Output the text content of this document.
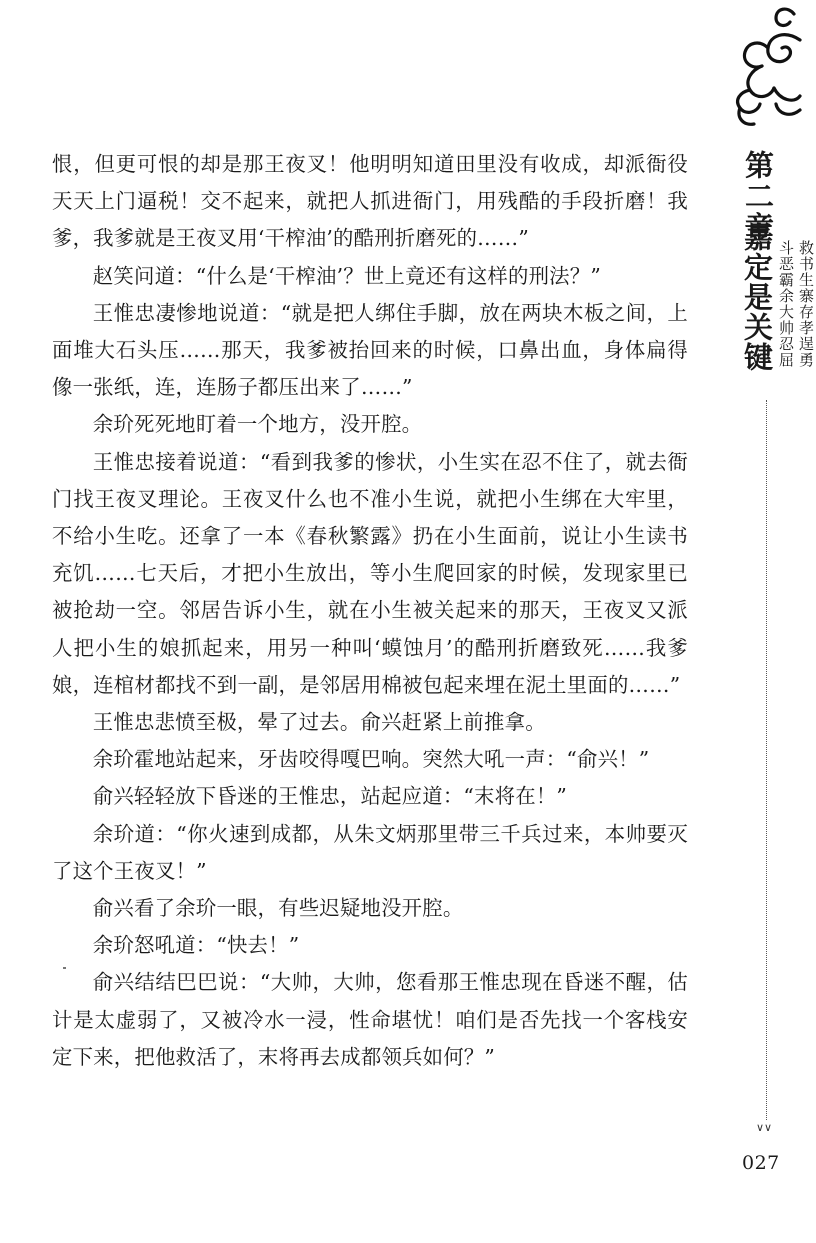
恨，但更可恨的却是那王夜叉！他明明知道田里没有收成，却派衙役天天上门逼税！交不起来，就把人抓进衙门，用残酷的手段折磨！我爹，我爹就是王夜叉用‘干榨油’的酷刑折磨死的……”

赵笑问道：“什么是‘干榨油’？世上竟还有这样的刑法？”

王惟忠凄惨地说道：“就是把人绑住手脚，放在两块木板之间，上面堆大石头压……那天，我爹被抬回来的时候，口鼻出血，身体扁得像一张纸，连，连肠子都压出来了……”

余玠死死地盯着一个地方，没开腔。

王惟忠接着说道：“看到我爹的惨状，小生实在忍不住了，就去衙门找王夜叉理论。王夜叉什么也不准小生说，就把小生绑在大牢里，不给小生吃。还拿了一本《春秋繁露》扔在小生面前，说让小生读书充饥……七天后，才把小生放出，等小生爬回家的时候，发现家里已被抢劫一空。邻居告诉小生，就在小生被关起来的那天，王夜叉又派人把小生的娘抓起来，用另一种叫‘蟆蚀月’的酷刑折磨致死……我爹娘，连棺材都找不到一副，是邻居用棉被包起来埋在泥土里面的……”

王惟忠悲愤至极，晕了过去。俞兴赶紧上前推拿。

余玠霍地站起来，牙齿咬得嘎巴响。突然大吼一声：“俞兴！”

俞兴轻轻放下昏迷的王惟忠，站起应道：“末将在！”

余玠道：“你火速到成都，从朱文炳那里带三千兵过来，本帅要灭了这个王夜叉！”

俞兴看了余玠一眼，有些迟疑地没开腔。

余玠怒吼道：“快去！”

俞兴结结巴巴说：“大帅，大帅，您看那王惟忠现在昏迷不醒，估计是太虚弱了，又被冷水一浸，性命堪忧！咱们是否先找一个客栈安定下来，把他救活了，末将再去成都领兵如何？”

第二章
嘉定是关键 救书生寨存孝逞勇
斗恶霸余大帅忍屈
∨∨
027
